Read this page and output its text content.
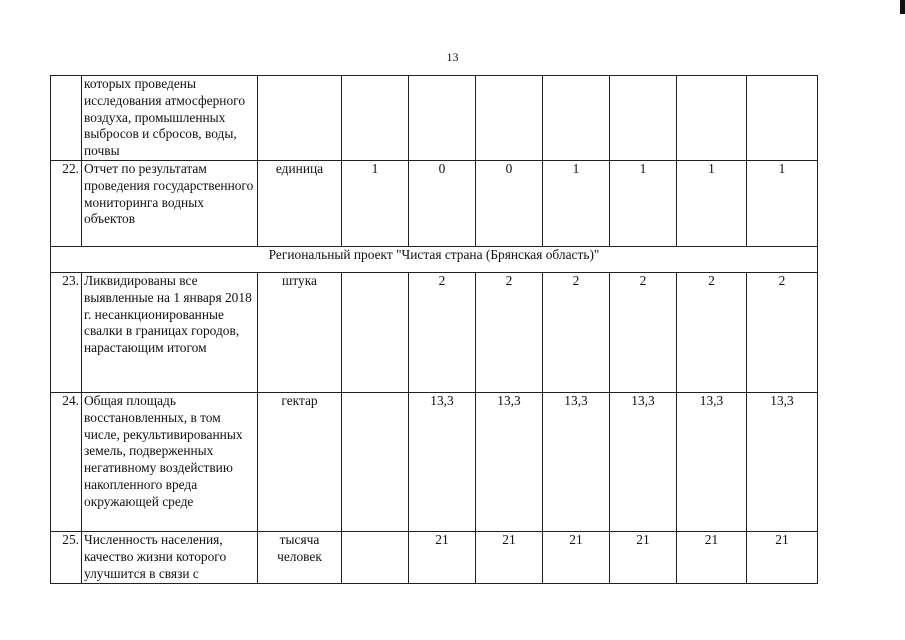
13
	которых проведены исследования атмосферного воздуха, промышленных выбросов и сбросов, воды, почвы								
22.	Отчет по результатам проведения государственного мониторинга водных объектов	единица	1	0	0	1	1	1	1
Региональный проект "Чистая страна (Брянская область)"									
23.	Ликвидированы все выявленные на 1 января 2018 г. несанкционированные свалки в границах городов, нарастающим итогом	штука		2	2	2	2	2	2
24.	Общая площадь восстановленных, в том числе, рекультивированных земель, подверженных негативному воздействию накопленного вреда окружающей среде	гектар		13,3	13,3	13,3	13,3	13,3	13,3
25.	Численность населения, качество жизни которого улучшится в связи с	тысяча человек		21	21	21	21	21	21
